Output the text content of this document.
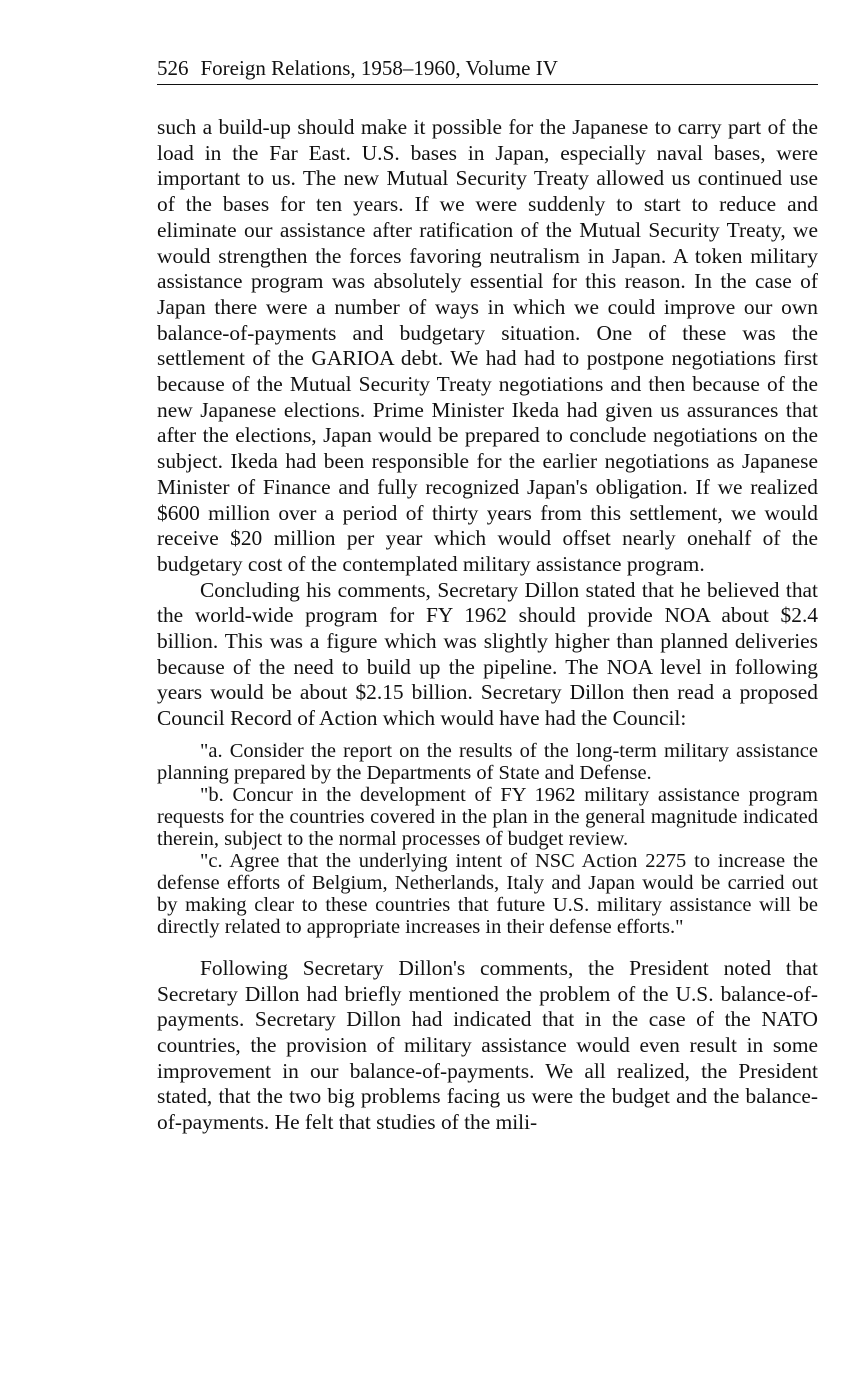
526 Foreign Relations, 1958–1960, Volume IV

such a build-up should make it possible for the Japanese to carry part of the load in the Far East. U.S. bases in Japan, especially naval bases, were important to us. The new Mutual Security Treaty allowed us continued use of the bases for ten years. If we were suddenly to start to reduce and eliminate our assistance after ratification of the Mutual Security Treaty, we would strengthen the forces favoring neutralism in Japan. A token military assistance program was absolutely essential for this reason. In the case of Japan there were a number of ways in which we could improve our own balance-of-payments and budgetary situation. One of these was the settlement of the GARIOA debt. We had had to postpone negotiations first because of the Mutual Security Treaty negotiations and then because of the new Japanese elections. Prime Minister Ikeda had given us assurances that after the elections, Japan would be prepared to conclude negotiations on the subject. Ikeda had been responsible for the earlier negotiations as Japanese Minister of Finance and fully recognized Japan's obligation. If we realized $600 million over a period of thirty years from this settlement, we would receive $20 million per year which would offset nearly onehalf of the budgetary cost of the contemplated military assistance program.

Concluding his comments, Secretary Dillon stated that he believed that the world-wide program for FY 1962 should provide NOA about $2.4 billion. This was a figure which was slightly higher than planned deliveries because of the need to build up the pipeline. The NOA level in following years would be about $2.15 billion. Secretary Dillon then read a proposed Council Record of Action which would have had the Council:

"a. Consider the report on the results of the long-term military assistance planning prepared by the Departments of State and Defense.

"b. Concur in the development of FY 1962 military assistance program requests for the countries covered in the plan in the general magnitude indicated therein, subject to the normal processes of budget review.

"c. Agree that the underlying intent of NSC Action 2275 to increase the defense efforts of Belgium, Netherlands, Italy and Japan would be carried out by making clear to these countries that future U.S. military assistance will be directly related to appropriate increases in their defense efforts."

Following Secretary Dillon's comments, the President noted that Secretary Dillon had briefly mentioned the problem of the U.S. balance-of-payments. Secretary Dillon had indicated that in the case of the NATO countries, the provision of military assistance would even result in some improvement in our balance-of-payments. We all realized, the President stated, that the two big problems facing us were the budget and the balance-of-payments. He felt that studies of the mili-
